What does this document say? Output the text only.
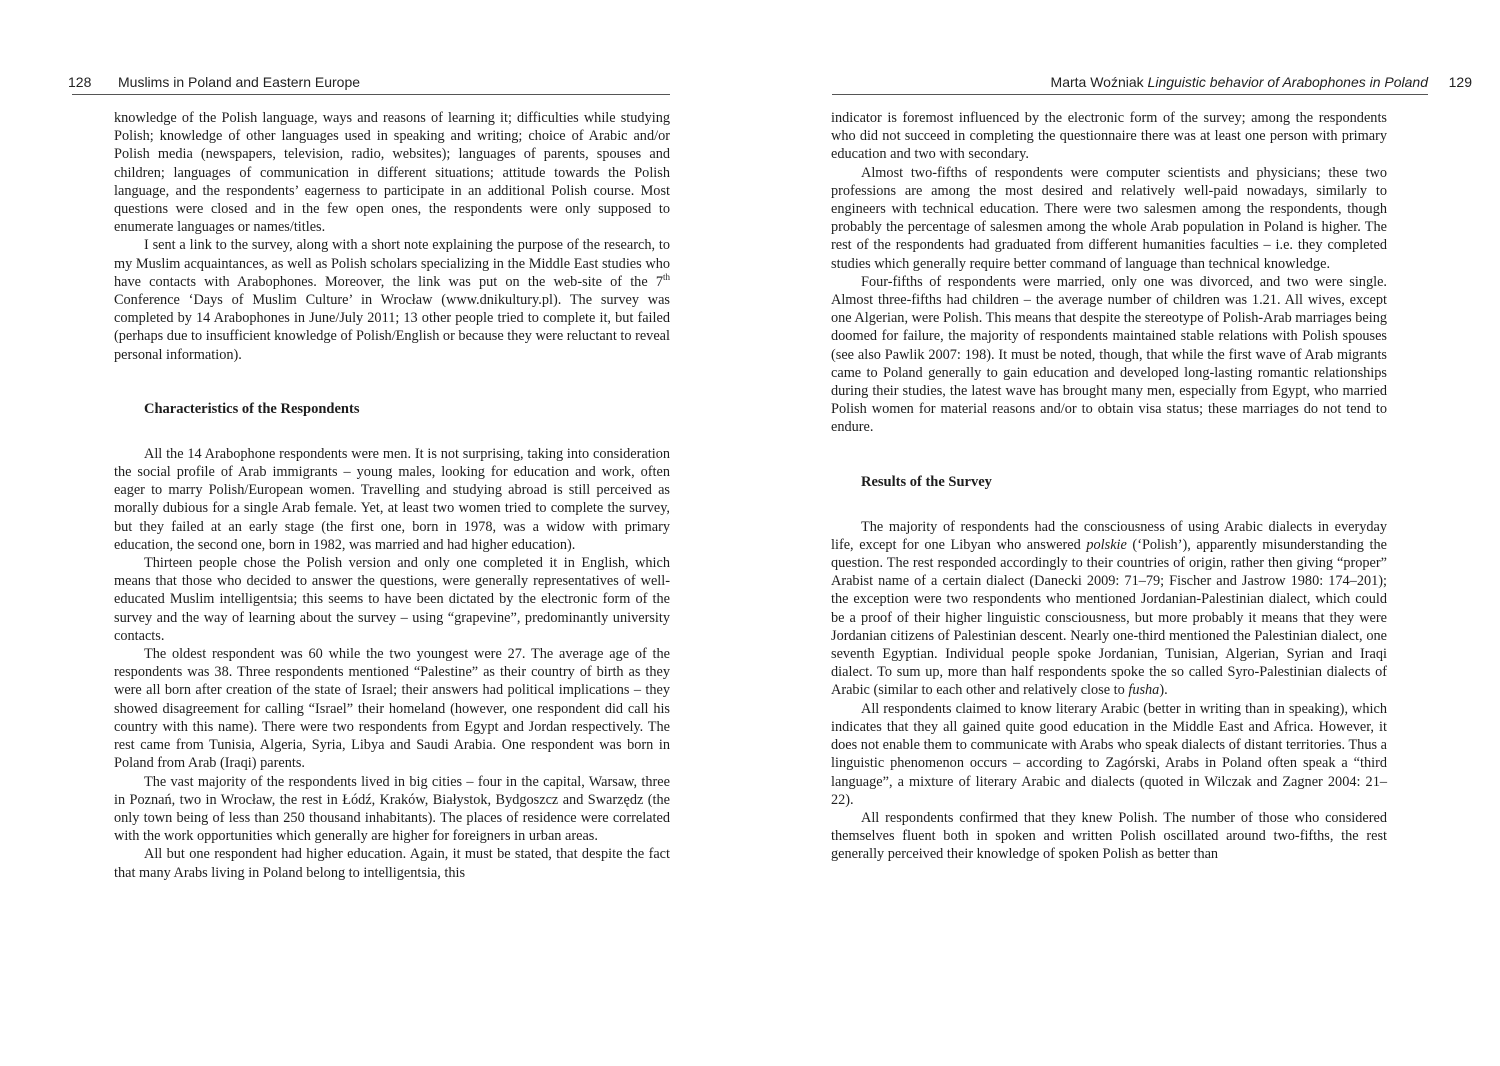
128 Muslims in Poland and Eastern Europe

knowledge of the Polish language, ways and reasons of learning it; difficulties while studying Polish; knowledge of other languages used in speaking and writing; choice of Arabic and/or Polish media (newspapers, television, radio, websites); languages of parents, spouses and children; languages of communication in different situations; attitude towards the Polish language, and the respondents’ eagerness to participate in an additional Polish course. Most questions were closed and in the few open ones, the respondents were only supposed to enumerate languages or names/titles.

I sent a link to the survey, along with a short note explaining the purpose of the research, to my Muslim acquaintances, as well as Polish scholars specializing in the Middle East studies who have contacts with Arabophones. Moreover, the link was put on the web-site of the 7th Conference ‘Days of Muslim Culture’ in Wrocław (www.dnikultury.pl). The survey was completed by 14 Arabophones in June/July 2011; 13 other people tried to complete it, but failed (perhaps due to insufficient knowledge of Polish/English or because they were reluctant to reveal personal information).

Characteristics of the Respondents

All the 14 Arabophone respondents were men. It is not surprising, taking into consideration the social profile of Arab immigrants – young males, looking for education and work, often eager to marry Polish/European women. Travelling and studying abroad is still perceived as morally dubious for a single Arab female. Yet, at least two women tried to complete the survey, but they failed at an early stage (the first one, born in 1978, was a widow with primary education, the second one, born in 1982, was married and had higher education).

Thirteen people chose the Polish version and only one completed it in English, which means that those who decided to answer the questions, were generally representatives of well-educated Muslim intelligentsia; this seems to have been dictated by the electronic form of the survey and the way of learning about the survey – using “grapevine”, predominantly university contacts.

The oldest respondent was 60 while the two youngest were 27. The average age of the respondents was 38. Three respondents mentioned “Palestine” as their country of birth as they were all born after creation of the state of Israel; their answers had political implications – they showed disagreement for calling “Israel” their homeland (however, one respondent did call his country with this name). There were two respondents from Egypt and Jordan respectively. The rest came from Tunisia, Algeria, Syria, Libya and Saudi Arabia. One respondent was born in Poland from Arab (Iraqi) parents.

The vast majority of the respondents lived in big cities – four in the capital, Warsaw, three in Poznań, two in Wrocław, the rest in Łódź, Kraków, Białystok, Bydgoszcz and Swarzędz (the only town being of less than 250 thousand inhabitants). The places of residence were correlated with the work opportunities which generally are higher for foreigners in urban areas.

All but one respondent had higher education. Again, it must be stated, that despite the fact that many Arabs living in Poland belong to intelligentsia, this

Marta Woźniak Linguistic behavior of Arabophones in Poland 129

indicator is foremost influenced by the electronic form of the survey; among the respondents who did not succeed in completing the questionnaire there was at least one person with primary education and two with secondary.

Almost two-fifths of respondents were computer scientists and physicians; these two professions are among the most desired and relatively well-paid nowadays, similarly to engineers with technical education. There were two salesmen among the respondents, though probably the percentage of salesmen among the whole Arab population in Poland is higher. The rest of the respondents had graduated from different humanities faculties – i.e. they completed studies which generally require better command of language than technical knowledge.

Four-fifths of respondents were married, only one was divorced, and two were single. Almost three-fifths had children – the average number of children was 1.21. All wives, except one Algerian, were Polish. This means that despite the stereotype of Polish-Arab marriages being doomed for failure, the majority of respondents maintained stable relations with Polish spouses (see also Pawlik 2007: 198). It must be noted, though, that while the first wave of Arab migrants came to Poland generally to gain education and developed long-lasting romantic relationships during their studies, the latest wave has brought many men, especially from Egypt, who married Polish women for material reasons and/or to obtain visa status; these marriages do not tend to endure.

Results of the Survey

The majority of respondents had the consciousness of using Arabic dialects in everyday life, except for one Libyan who answered polskie (‘Polish’), apparently misunderstanding the question. The rest responded accordingly to their countries of origin, rather then giving “proper” Arabist name of a certain dialect (Danecki 2009: 71–79; Fischer and Jastrow 1980: 174–201); the exception were two respondents who mentioned Jordanian-Palestinian dialect, which could be a proof of their higher linguistic consciousness, but more probably it means that they were Jordanian citizens of Palestinian descent. Nearly one-third mentioned the Palestinian dialect, one seventh Egyptian. Individual people spoke Jordanian, Tunisian, Algerian, Syrian and Iraqi dialect. To sum up, more than half respondents spoke the so called Syro-Palestinian dialects of Arabic (similar to each other and relatively close to fusha).

All respondents claimed to know literary Arabic (better in writing than in speaking), which indicates that they all gained quite good education in the Middle East and Africa. However, it does not enable them to communicate with Arabs who speak dialects of distant territories. Thus a linguistic phenomenon occurs – according to Zagórski, Arabs in Poland often speak a “third language”, a mixture of literary Arabic and dialects (quoted in Wilczak and Zagner 2004: 21–22).

All respondents confirmed that they knew Polish. The number of those who considered themselves fluent both in spoken and written Polish oscillated around two-fifths, the rest generally perceived their knowledge of spoken Polish as better than
